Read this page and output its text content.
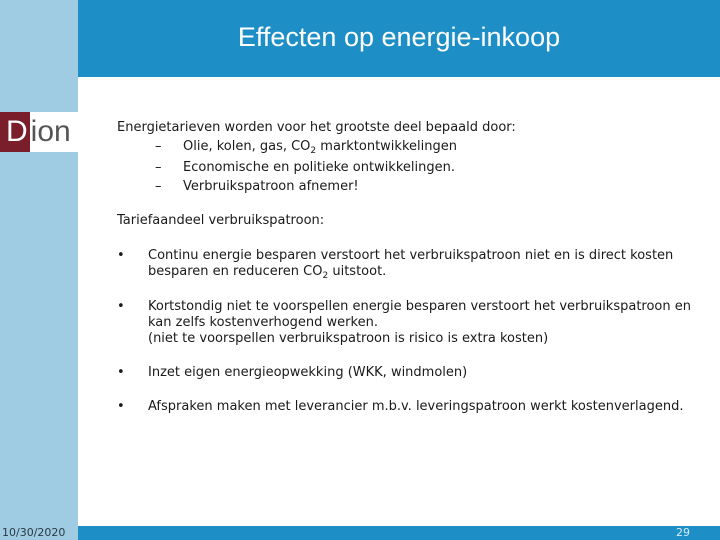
Effecten op energie-inkoop
D ion	Energietarieven worden voor het grootste deel bepaald door:

– Olie, kolen, gas, $CO_2$ marktontwikkelingen
– Economische en politieke ontwikkelingen.
– Verbruikspatroon afnemer!

Tariefaandeel verbruikspatroon:

• Continu energie besparen verstoort het verbruikspatroon niet en is direct kosten besparen en reduceren $CO_2$ uitstoot.
• Kortstondig niet te voorspellen energie besparen verstoort het verbruikspatroon en kan zelfs kostenverhogend werken.
(niet te voorspellen verbruikspatroon is risico is extra kosten)
• Inzet eigen energieopwekking (WKK, windmolen)
• Afspraken maken met leverancier m.b.v. leveringspatroon werkt kostenverlagend.
10/30/2020	29
